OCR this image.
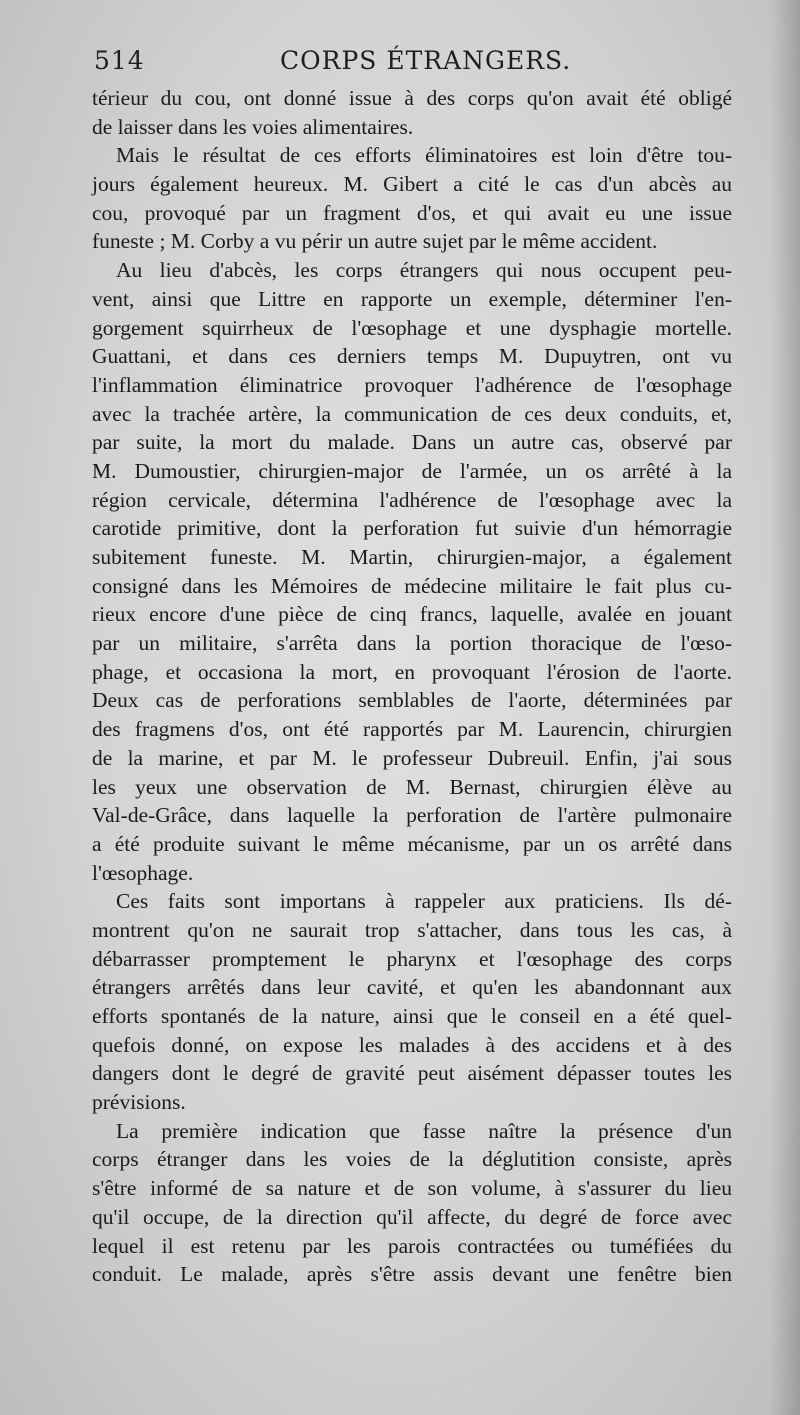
514	CORPS ÉTRANGERS.
térieur du cou, ont donné issue à des corps qu'on avait été obligé
de laisser dans les voies alimentaires.
Mais le résultat de ces efforts éliminatoires est loin d'être tou-
jours également heureux. M. Gibert a cité le cas d'un abcès au
cou, provoqué par un fragment d'os, et qui avait eu une issue
funeste ; M. Corby a vu périr un autre sujet par le même accident.
Au lieu d'abcès, les corps étrangers qui nous occupent peu-
vent, ainsi que Littre en rapporte un exemple, déterminer l'en-
gorgement squirrheux de l'œsophage et une dysphagie mortelle.
Guattani, et dans ces derniers temps M. Dupuytren, ont vu
l'inflammation éliminatrice provoquer l'adhérence de l'œsophage
avec la trachée artère, la communication de ces deux conduits, et,
par suite, la mort du malade. Dans un autre cas, observé par
M. Dumoustier, chirurgien-major de l'armée, un os arrêté à la
région cervicale, détermina l'adhérence de l'œsophage avec la
carotide primitive, dont la perforation fut suivie d'un hémorragie
subitement funeste. M. Martin, chirurgien-major, a également
consigné dans les Mémoires de médecine militaire le fait plus cu-
rieux encore d'une pièce de cinq francs, laquelle, avalée en jouant
par un militaire, s'arrêta dans la portion thoracique de l'œso-
phage, et occasiona la mort, en provoquant l'érosion de l'aorte.
Deux cas de perforations semblables de l'aorte, déterminées par
des fragmens d'os, ont été rapportés par M. Laurencin, chirurgien
de la marine, et par M. le professeur Dubreuil. Enfin, j'ai sous
les yeux une observation de M. Bernast, chirurgien élève au
Val-de-Grâce, dans laquelle la perforation de l'artère pulmonaire
a été produite suivant le même mécanisme, par un os arrêté dans
l'œsophage.
Ces faits sont importans à rappeler aux praticiens. Ils dé-
montrent qu'on ne saurait trop s'attacher, dans tous les cas, à
débarrasser promptement le pharynx et l'œsophage des corps
étrangers arrêtés dans leur cavité, et qu'en les abandonnant aux
efforts spontanés de la nature, ainsi que le conseil en a été quel-
quefois donné, on expose les malades à des accidens et à des
dangers dont le degré de gravité peut aisément dépasser toutes les
prévisions.
La première indication que fasse naître la présence d'un
corps étranger dans les voies de la déglutition consiste, après
s'être informé de sa nature et de son volume, à s'assurer du lieu
qu'il occupe, de la direction qu'il affecte, du degré de force avec
lequel il est retenu par les parois contractées ou tuméfiées du
conduit. Le malade, après s'être assis devant une fenêtre bien
